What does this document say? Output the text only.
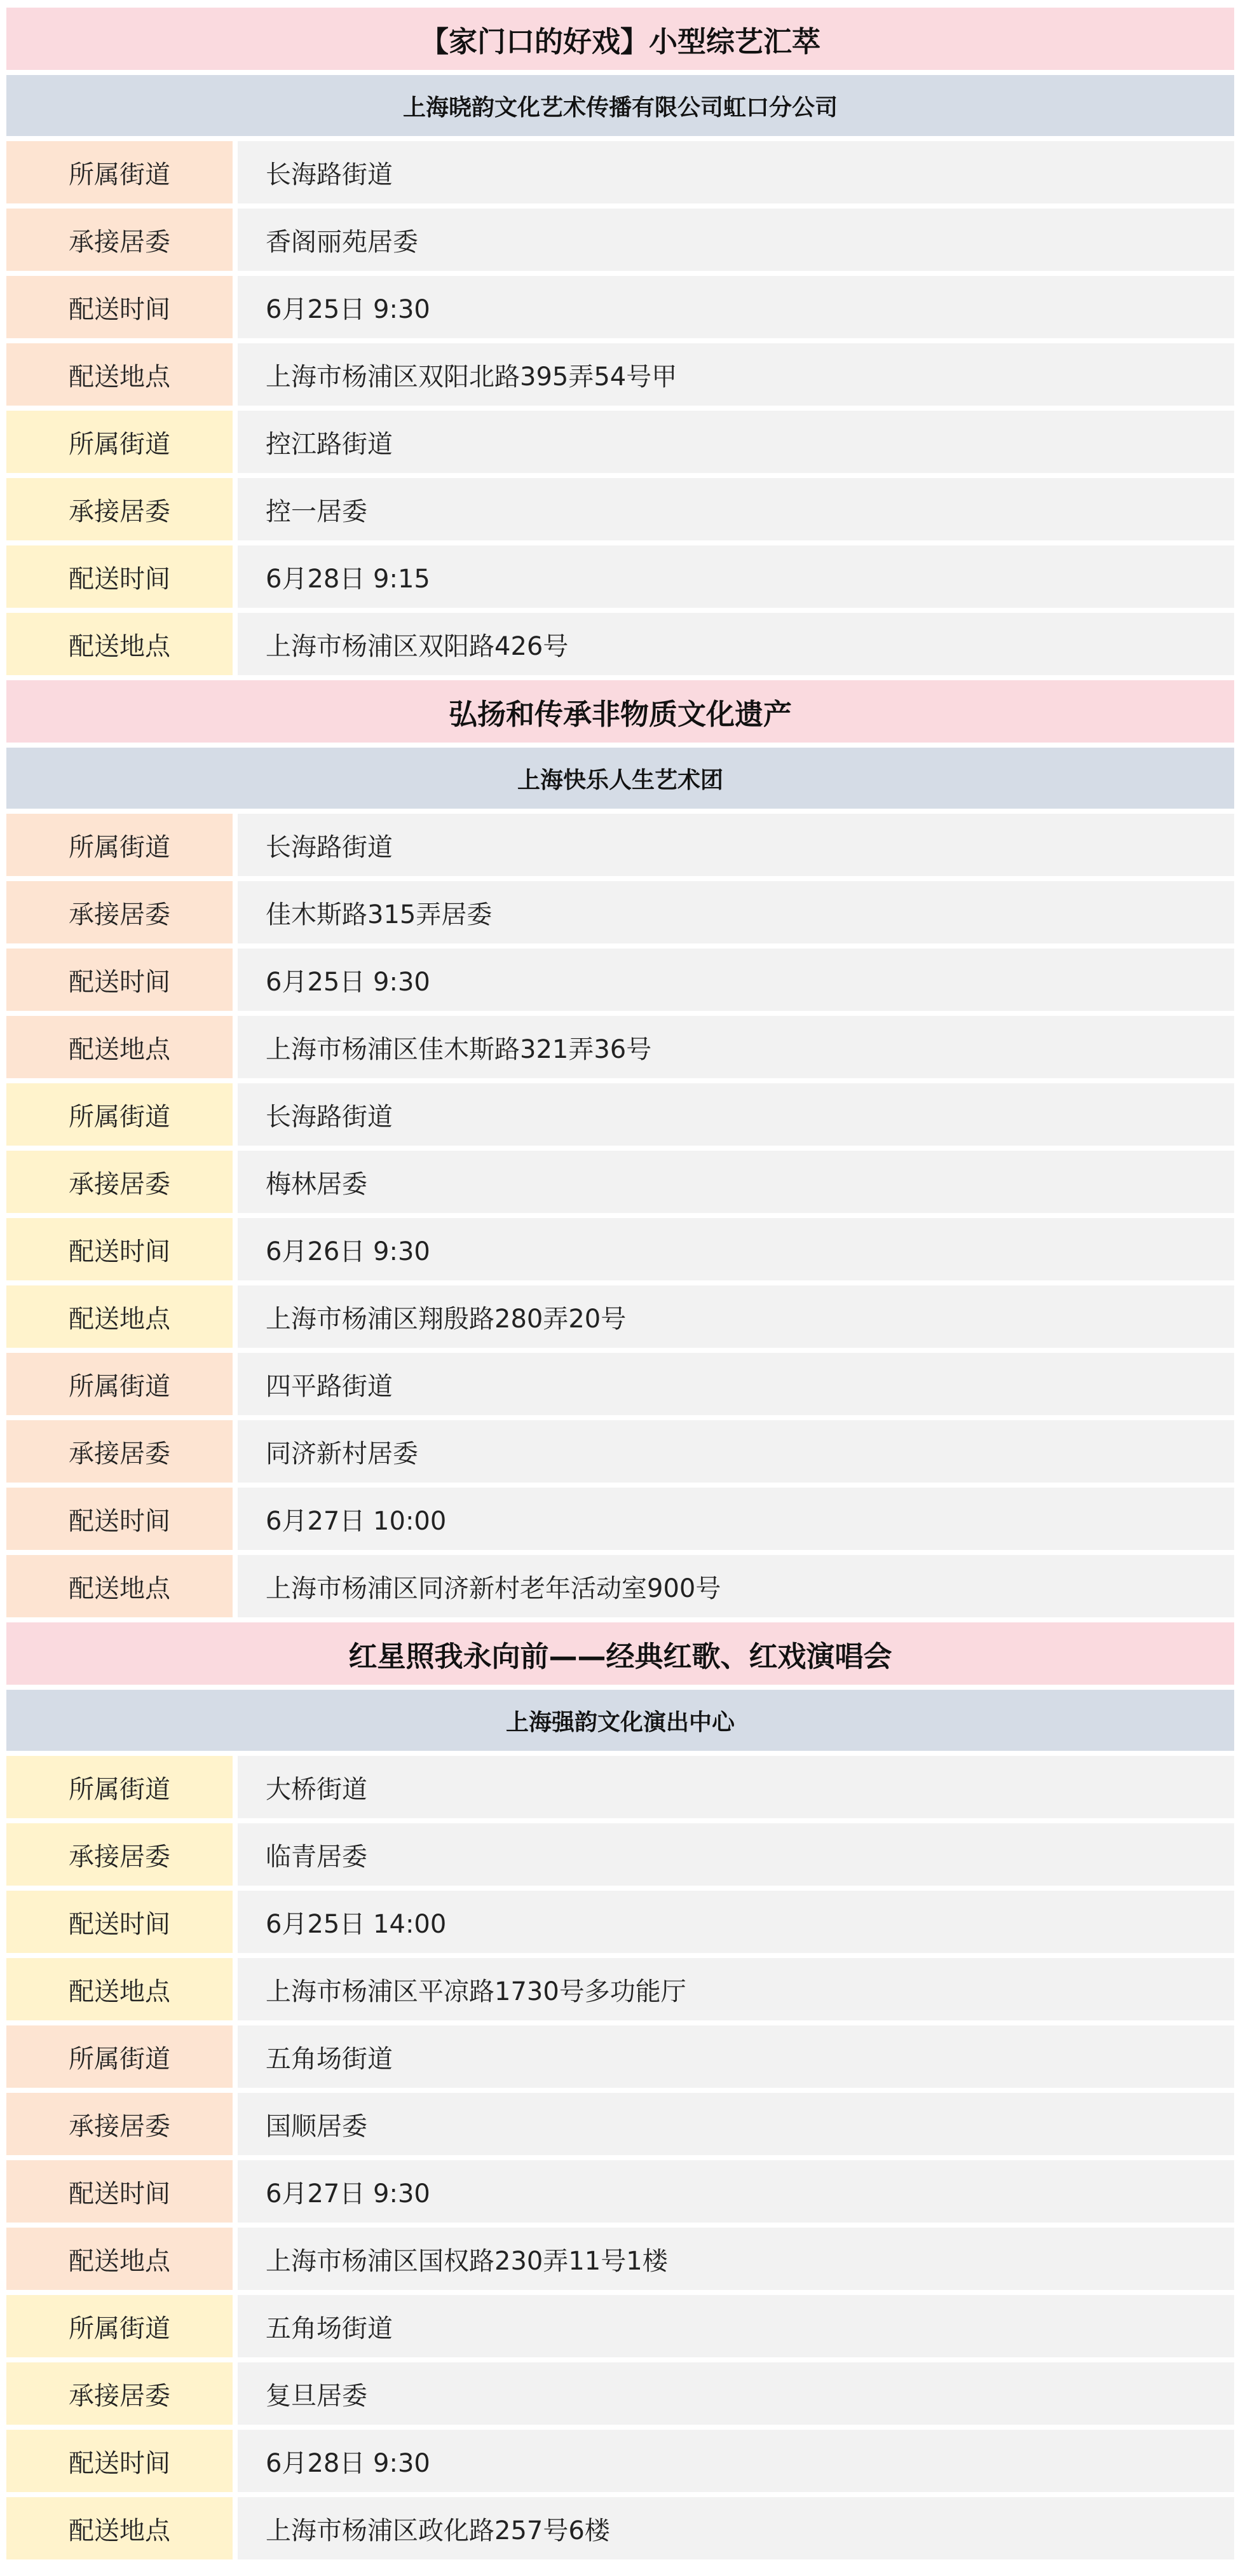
【家门口的好戏】小型综艺汇萃
上海晓韵文化艺术传播有限公司虹口分公司
所属街道	长海路街道
承接居委	香阁丽苑居委
配送时间	6月25日 9:30
配送地点	上海市杨浦区双阳北路395弄54号甲
所属街道	控江路街道
承接居委	控一居委
配送时间	6月28日 9:15
配送地点	上海市杨浦区双阳路426号
弘扬和传承非物质文化遗产
上海快乐人生艺术团
所属街道	长海路街道
承接居委	佳木斯路315弄居委
配送时间	6月25日 9:30
配送地点	上海市杨浦区佳木斯路321弄36号
所属街道	长海路街道
承接居委	梅林居委
配送时间	6月26日 9:30
配送地点	上海市杨浦区翔殷路280弄20号
所属街道	四平路街道
承接居委	同济新村居委
配送时间	6月27日 10:00
配送地点	上海市杨浦区同济新村老年活动室900号
红星照我永向前——经典红歌、红戏演唱会
上海强韵文化演出中心
所属街道	大桥街道
承接居委	临青居委
配送时间	6月25日 14:00
配送地点	上海市杨浦区平凉路1730号多功能厅
所属街道	五角场街道
承接居委	国顺居委
配送时间	6月27日 9:30
配送地点	上海市杨浦区国权路230弄11号1楼
所属街道	五角场街道
承接居委	复旦居委
配送时间	6月28日 9:30
配送地点	上海市杨浦区政化路257号6楼
